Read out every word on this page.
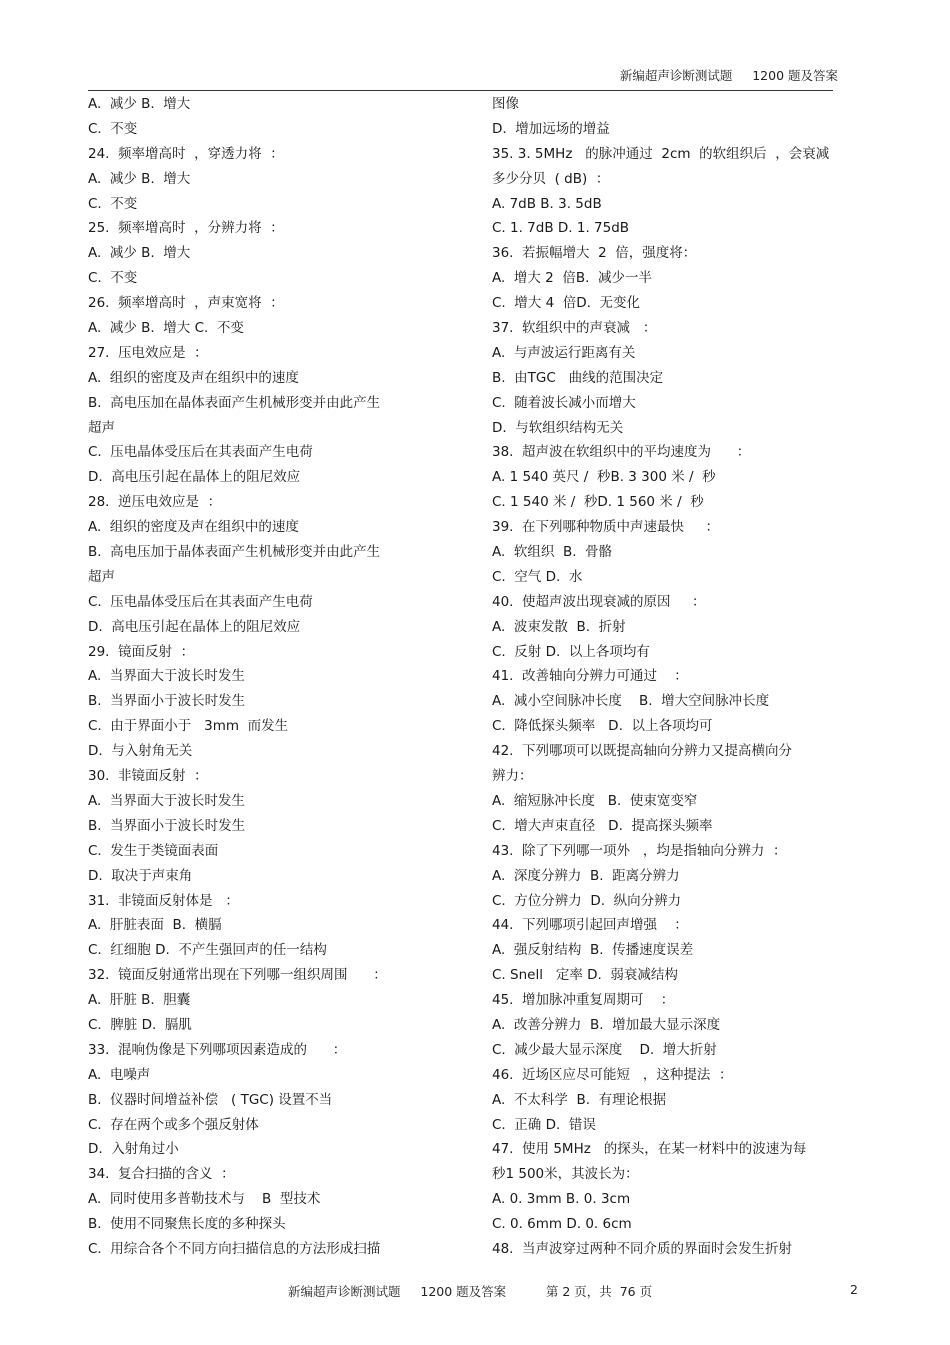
新编超声诊断测试题     1200 题及答案
A.  减少 B.  增大
C.  不变
24.  频率增高时  ，穿透力将  ：
A.  减少 B.  增大
C.  不变
25.  频率增高时  ，分辨力将  ：
A.  减少 B.  增大
C.  不变
26.  频率增高时  ，声束宽将  ：
A.  减少 B.  增大 C.  不变
27.  压电效应是  ：
A.  组织的密度及声在组织中的速度
B.  高电压加在晶体表面产生机械形变并由此产生
超声
C.  压电晶体受压后在其表面产生电荷
D.  高电压引起在晶体上的阻尼效应
28.  逆压电效应是  ：
A.  组织的密度及声在组织中的速度
B.  高电压加于晶体表面产生机械形变并由此产生
超声
C.  压电晶体受压后在其表面产生电荷
D.  高电压引起在晶体上的阻尼效应
29.  镜面反射  ：
A.  当界面大于波长时发生
B.  当界面小于波长时发生
C.  由于界面小于   3mm  而发生
D.  与入射角无关
30.  非镜面反射  ：
A.  当界面大于波长时发生
B.  当界面小于波长时发生
C.  发生于类镜面表面
D.  取决于声束角
31.  非镜面反射体是   ：
A.  肝脏表面  B.  横膈
C.  红细胞 D.  不产生强回声的任一结构
32.  镜面反射通常出现在下列哪一组织周围      ：
A.  肝脏 B.  胆囊
C.  脾脏 D.  膈肌
33.  混响伪像是下列哪项因素造成的      ：
A.  电噪声
B.  仪器时间增益补偿   ( TGC) 设置不当
C.  存在两个或多个强反射体
D.  入射角过小
34.  复合扫描的含义  ：
A.  同时使用多普勒技术与    B  型技术
B.  使用不同聚焦长度的多种探头
C.  用综合各个不同方向扫描信息的方法形成扫描
图像
D.  增加远场的增益
35. 3. 5MHz   的脉冲通过  2cm  的软组织后  ，会衰减
多少分贝  ( dB)  ：
A. 7dB B. 3. 5dB
C. 1. 7dB D. 1. 75dB
36.  若振幅增大  2  倍，强度将：
A.  增大 2  倍B.  减少一半
C.  增大 4  倍D.  无变化
37.  软组织中的声衰减   ：
A.  与声波运行距离有关
B.  由TGC   曲线的范围决定
C.  随着波长减小而增大
D.  与软组织结构无关
38.  超声波在软组织中的平均速度为      ：
A. 1 540 英尺 /  秒B. 3 300 米 /  秒
C. 1 540 米 /  秒D. 1 560 米 /  秒
39.  在下列哪种物质中声速最快     ：
A.  软组织  B.  骨骼
C.  空气 D.  水
40.  使超声波出现衰减的原因     ：
A.  波束发散  B.  折射
C.  反射 D.  以上各项均有
41.  改善轴向分辨力可通过    ：
A.  减小空间脉冲长度    B.  增大空间脉冲长度
C.  降低探头频率   D.  以上各项均可
42.  下列哪项可以既提高轴向分辨力又提高横向分
辨力：
A.  缩短脉冲长度   B.  使束宽变窄
C.  增大声束直径   D.  提高探头频率
43.  除了下列哪一项外   ，均是指轴向分辨力  ：
A.  深度分辨力  B.  距离分辨力
C.  方位分辨力  D.  纵向分辨力
44.  下列哪项引起回声增强    ：
A.  强反射结构  B.  传播速度误差
C. Snell   定率 D.  弱衰减结构
45.  增加脉冲重复周期可    ：
A.  改善分辨力  B.  增加最大显示深度
C.  减少最大显示深度    D.  增大折射
46.  近场区应尽可能短   ，这种提法  ：
A.  不太科学  B.  有理论根据
C.  正确 D.  错误
47.  使用 5MHz   的探头，在某一材料中的波速为每
秒1 500米，其波长为：
A. 0. 3mm B. 0. 3cm
C. 0. 6mm D. 0. 6cm
48.  当声波穿过两种不同介质的界面时会发生折射
新编超声诊断测试题     1200 题及答案          第 2 页，共  76 页	2
